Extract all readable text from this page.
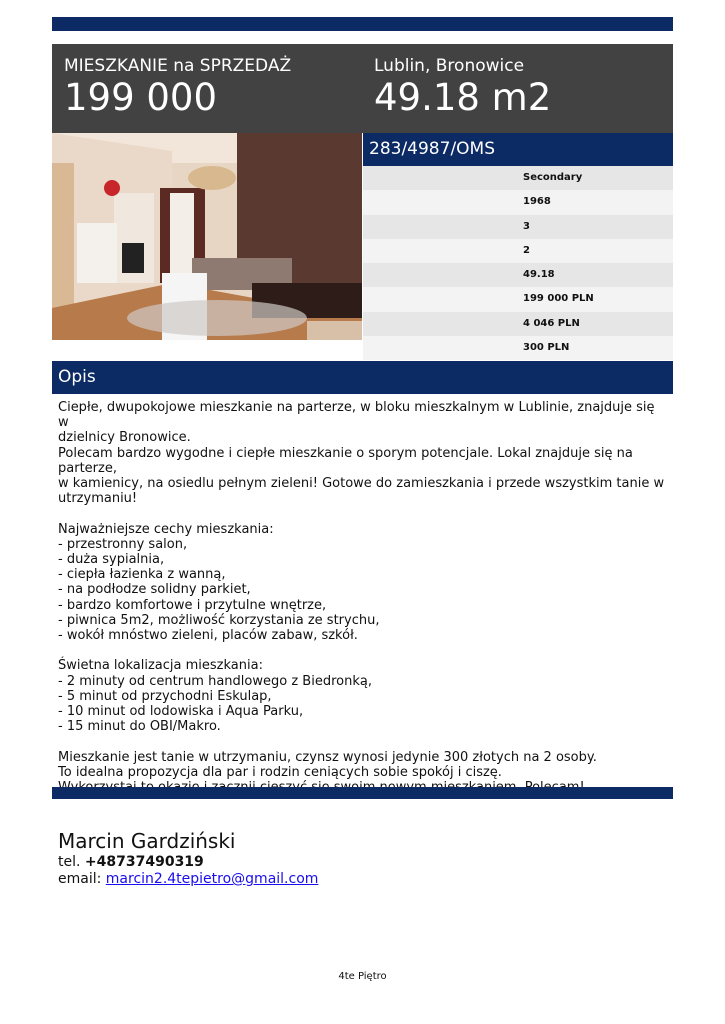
MIESZKANIE na SPRZEDAŻ
199 000
Lublin, Bronowice
49.18 m2
283/4987/OMS
Secondary
1968
3
2
49.18
199 000 PLN
4 046 PLN
300 PLN
Opis

Ciepłe, dwupokojowe mieszkanie na parterze, w bloku mieszkalnym w Lublinie, znajduje się w

dzielnicy Bronowice.

Polecam bardzo wygodne i ciepłe mieszkanie o sporym potencjale. Lokal znajduje się na parterze,

w kamienicy, na osiedlu pełnym zieleni! Gotowe do zamieszkania i przede wszystkim tanie w

utrzymaniu!

Najważniejsze cechy mieszkania:

- przestronny salon,

- duża sypialnia,

- ciepła łazienka z wanną,

- na podłodze solidny parkiet,

- bardzo komfortowe i przytulne wnętrze,

- piwnica 5m2, możliwość korzystania ze strychu,

- wokół mnóstwo zieleni, placów zabaw, szkół.

Świetna lokalizacja mieszkania:

- 2 minuty od centrum handlowego z Biedronką,

- 5 minut od przychodni Eskulap,

- 10 minut od lodowiska i Aqua Parku,

- 15 minut do OBI/Makro.

Mieszkanie jest tanie w utrzymaniu, czynsz wynosi jedynie 300 złotych na 2 osoby.

To idealna propozycja dla par i rodzin ceniących sobie spokój i ciszę.

Marcin Gardziński
tel. +48737490319
email: marcin2.4tepietro@gmail.com
4te Piętro
